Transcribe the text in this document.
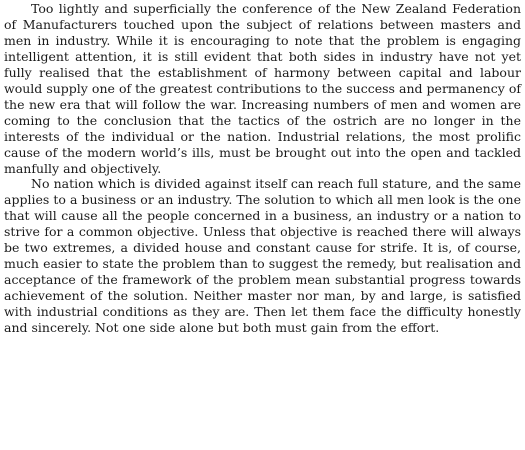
Too lightly and superficially the conference of the New Zealand Federation of Manufacturers touched upon the subject of relations between masters and men in industry. While it is encouraging to note that the problem is engaging intelligent attention, it is still evident that both sides in industry have not yet fully realised that the establishment of harmony between capital and labour would supply one of the greatest contributions to the success and permanency of the new era that will follow the war. Increasing numbers of men and women are coming to the conclusion that the tactics of the ostrich are no longer in the interests of the individual or the nation. Industrial relations, the most prolific cause of the modern world’s ills, must be brought out into the open and tackled manfully and objectively.

No nation which is divided against itself can reach full stature, and the same applies to a business or an industry. The solution to which all men look is the one that will cause all the people concerned in a business, an industry or a nation to strive for a common objective. Unless that objective is reached there will always be two extremes, a divided house and constant cause for strife. It is, of course, much easier to state the problem than to suggest the remedy, but realisation and acceptance of the framework of the problem mean substantial progress towards achievement of the solution. Neither master nor man, by and large, is satisfied with industrial conditions as they are. Then let them face the difficulty honestly and sincerely. Not one side alone but both must gain from the effort.
